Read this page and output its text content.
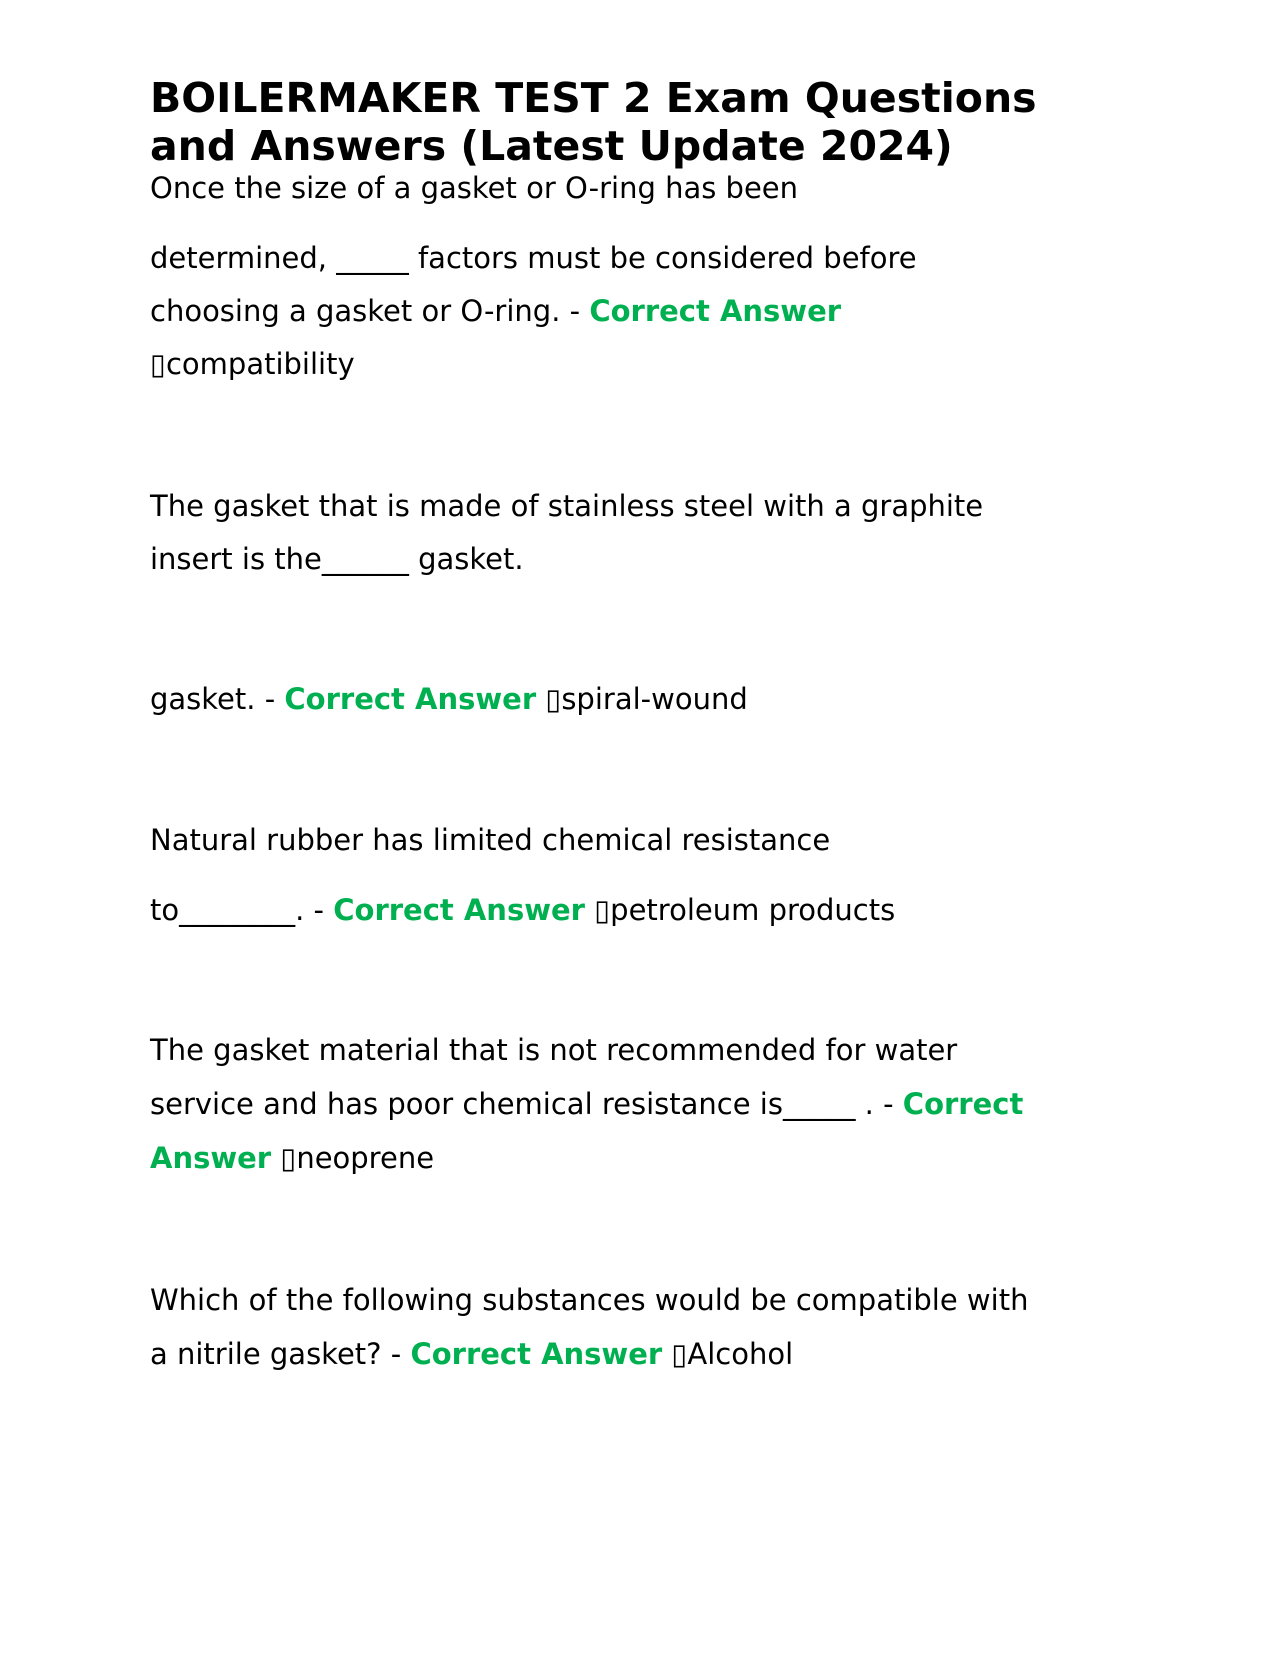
BOILERMAKER TEST 2 Exam Questions
and Answers (Latest Update 2024)
Once the size of a gasket or O-ring has been
determined, _____ factors must be considered before
choosing a gasket or O-ring. - Correct Answer
▯compatibility
The gasket that is made of stainless steel with a graphite
insert is the______ gasket.
gasket. - Correct Answer ▯spiral-wound
Natural rubber has limited chemical resistance
to________. - Correct Answer ▯petroleum products
The gasket material that is not recommended for water
service and has poor chemical resistance is_____ . - Correct
Answer ▯neoprene
Which of the following substances would be compatible with
a nitrile gasket? - Correct Answer ▯Alcohol
